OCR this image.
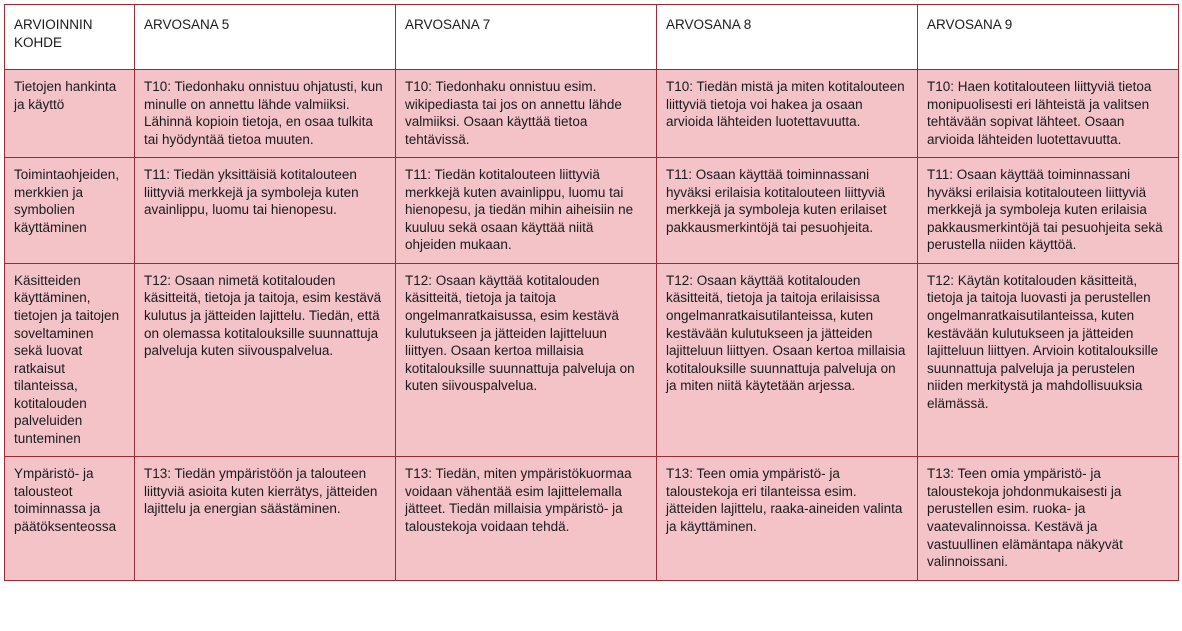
ARVIOINNIN KOHDE	ARVOSANA 5	ARVOSANA 7	ARVOSANA 8	ARVOSANA 9
Tietojen hankinta ja käyttö	T10: Tiedonhaku onnistuu ohjatusti, kun minulle on annettu lähde valmiiksi. Lähinnä kopioin tietoja, en osaa tulkita tai hyödyntää tietoa muuten.	T10: Tiedonhaku onnistuu esim. wikipediasta tai jos on annettu lähde valmiiksi. Osaan käyttää tietoa tehtävissä.	T10: Tiedän mistä ja miten kotitalouteen liittyviä tietoja voi hakea ja osaan arvioida lähteiden luotettavuutta.	T10: Haen kotitalouteen liittyviä tietoa monipuolisesti eri lähteistä ja valitsen tehtävään sopivat lähteet. Osaan arvioida lähteiden luotettavuutta.
Toimintaohjeiden, merkkien ja symbolien käyttäminen	T11: Tiedän yksittäisiä kotitalouteen liittyviä merkkejä ja symboleja kuten avainlippu, luomu tai hienopesu.	T11: Tiedän kotitalouteen liittyviä merkkejä kuten avainlippu, luomu tai hienopesu, ja tiedän mihin aiheisiin ne kuuluu sekä osaan käyttää niitä ohjeiden mukaan.	T11: Osaan käyttää toiminnassani hyväksi erilaisia kotitalouteen liittyviä merkkejä ja symboleja kuten erilaiset pakkausmerkintöjä tai pesuohjeita.	T11: Osaan käyttää toiminnassani hyväksi erilaisia kotitalouteen liittyviä merkkejä ja symboleja kuten erilaisia pakkausmerkintöjä tai pesuohjeita sekä perustella niiden käyttöä.
Käsitteiden käyttäminen, tietojen ja taitojen soveltaminen sekä luovat ratkaisut tilanteissa, kotitalouden palveluiden tunteminen	T12: Osaan nimetä kotitalouden käsitteitä, tietoja ja taitoja, esim kestävä kulutus ja jätteiden lajittelu. Tiedän, että on olemassa kotitalouksille suunnattuja palveluja kuten siivouspalvelua.	T12: Osaan käyttää kotitalouden käsitteitä, tietoja ja taitoja ongelmanratkaisussa, esim kestävä kulutukseen ja jätteiden lajitteluun liittyen. Osaan kertoa millaisia kotitalouksille suunnattuja palveluja on kuten siivouspalvelua.	T12: Osaan käyttää kotitalouden käsitteitä, tietoja ja taitoja erilaisissa ongelmanratkaisutilanteissa, kuten kestävään kulutukseen ja jätteiden lajitteluun liittyen. Osaan kertoa millaisia kotitalouksille suunnattuja palveluja on ja miten niitä käytetään arjessa.	T12: Käytän kotitalouden käsitteitä, tietoja ja taitoja luovasti ja perustellen ongelmanratkaisutilanteissa, kuten kestävään kulutukseen ja jätteiden lajitteluun liittyen. Arvioin kotitalouksille suunnattuja palveluja ja perustelen niiden merkitystä ja mahdollisuuksia elämässä.
Ympäristö- ja talousteot toiminnassa ja päätöksenteossa	T13: Tiedän ympäristöön ja talouteen liittyviä asioita kuten kierrätys, jätteiden lajittelu ja energian säästäminen.	T13: Tiedän, miten ympäristökuormaa voidaan vähentää esim lajittelemalla jätteet. Tiedän millaisia ympäristö- ja taloustekoja voidaan tehdä.	T13: Teen omia ympäristö- ja taloustekoja eri tilanteissa esim. jätteiden lajittelu, raaka-aineiden valinta ja käyttäminen.	T13: Teen omia ympäristö- ja taloustekoja johdonmukaisesti ja perustellen esim. ruoka- ja vaatevalinnoissa. Kestävä ja vastuullinen elämäntapa näkyvät valinnoissani.
